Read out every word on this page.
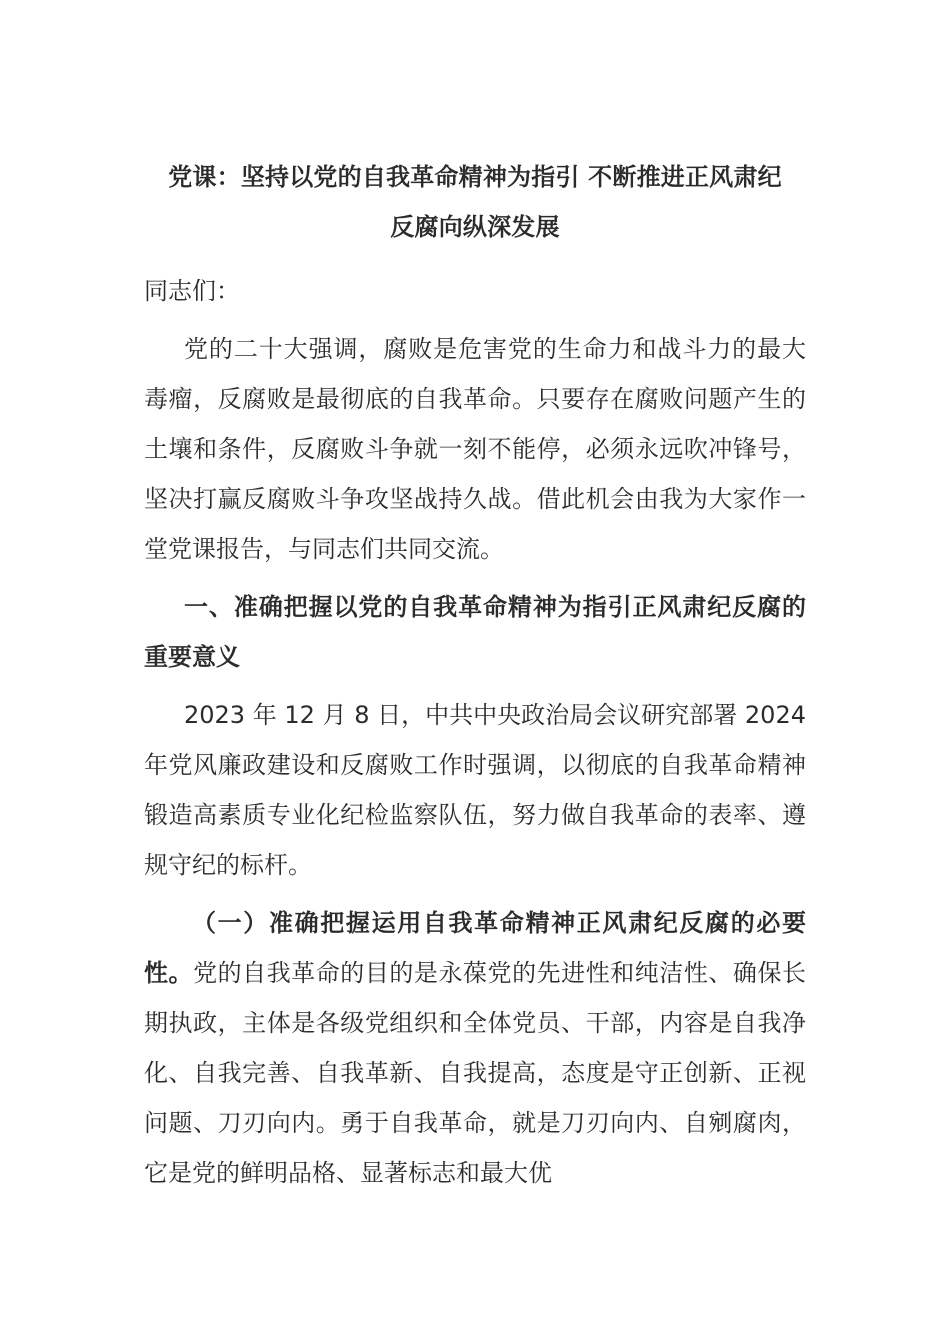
党课：坚持以党的自我革命精神为指引 不断推进正风肃纪
反腐向纵深发展

同志们：

党的二十大强调，腐败是危害党的生命力和战斗力的最大毒瘤，反腐败是最彻底的自我革命。只要存在腐败问题产生的土壤和条件，反腐败斗争就一刻不能停，必须永远吹冲锋号，坚决打赢反腐败斗争攻坚战持久战。借此机会由我为大家作一堂党课报告，与同志们共同交流。

一、准确把握以党的自我革命精神为指引正风肃纪反腐的重要意义

2023 年 12 月 8 日，中共中央政治局会议研究部署 2024 年党风廉政建设和反腐败工作时强调，以彻底的自我革命精神锻造高素质专业化纪检监察队伍，努力做自我革命的表率、遵规守纪的标杆。

（一）准确把握运用自我革命精神正风肃纪反腐的必要性。党的自我革命的目的是永葆党的先进性和纯洁性、确保长期执政，主体是各级党组织和全体党员、干部，内容是自我净化、自我完善、自我革新、自我提高，态度是守正创新、正视问题、刀刃向内。勇于自我革命，就是刀刃向内、自剜腐肉，它是党的鲜明品格、显著标志和最大优
